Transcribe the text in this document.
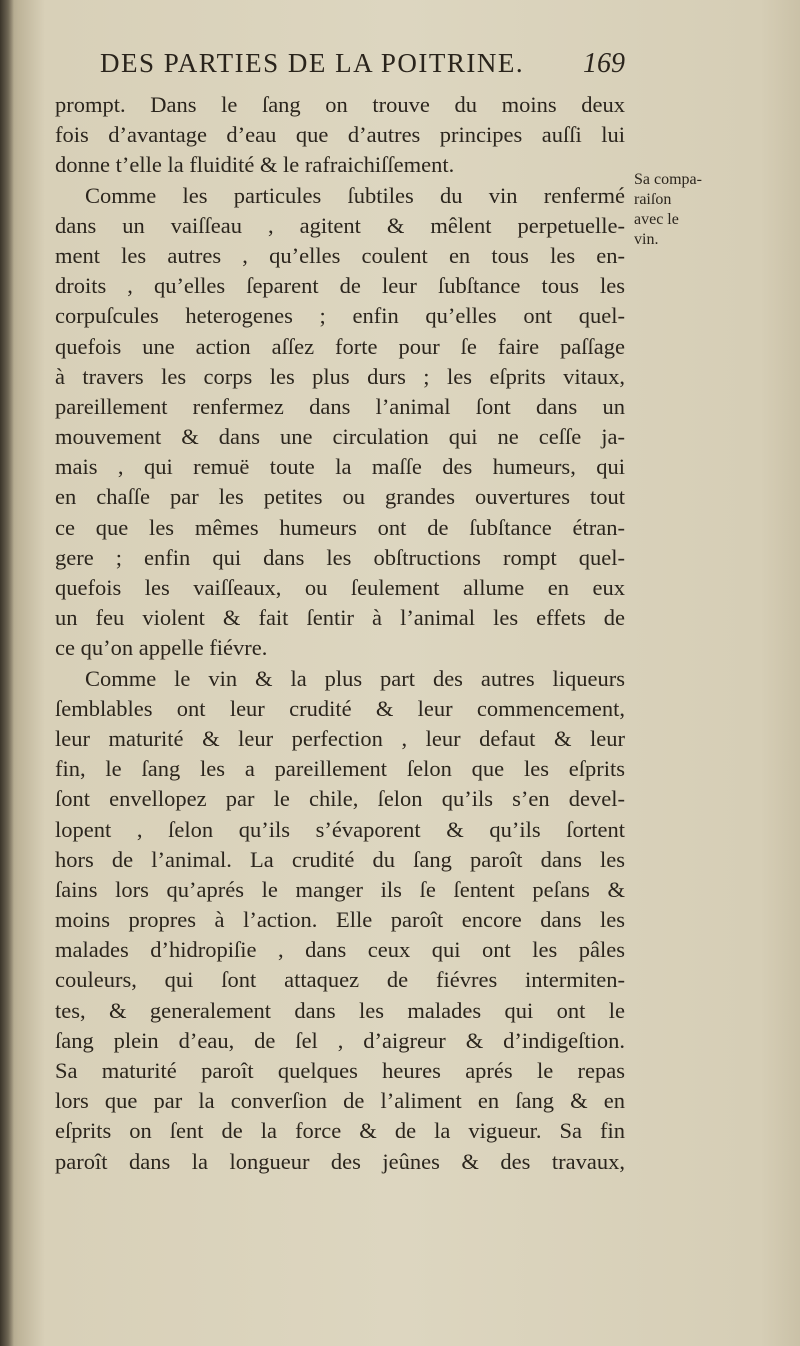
DES PARTIES DE LA POITRINE. 169
Sa compa-
raiſon
avec le
vin.
prompt. Dans le ſang on trouve du moins deux
fois d’avantage d’eau que d’autres principes auſſi lui
donne t’elle la fluidité & le rafraichiſſement.
Comme les particules ſubtiles du vin renfermé
dans un vaiſſeau , agitent & mêlent perpetuelle-
ment les autres , qu’elles coulent en tous les en-
droits , qu’elles ſeparent de leur ſubſtance tous les
corpuſcules heterogenes ; enfin qu’elles ont quel-
quefois une action aſſez forte pour ſe faire paſſage
à travers les corps les plus durs ; les eſprits vitaux,
pareillement renfermez dans l’animal ſont dans un
mouvement & dans une circulation qui ne ceſſe ja-
mais , qui remuë toute la maſſe des humeurs, qui
en chaſſe par les petites ou grandes ouvertures tout
ce que les mêmes humeurs ont de ſubſtance étran-
gere ; enfin qui dans les obſtructions rompt quel-
quefois les vaiſſeaux, ou ſeulement allume en eux
un feu violent & fait ſentir à l’animal les effets de
ce qu’on appelle fiévre.
Comme le vin & la plus part des autres liqueurs
ſemblables ont leur crudité & leur commencement,
leur maturité & leur perfection , leur defaut & leur
fin, le ſang les a pareillement ſelon que les eſprits
ſont envellopez par le chile, ſelon qu’ils s’en devel-
lopent , ſelon qu’ils s’évaporent & qu’ils ſortent
hors de l’animal. La crudité du ſang paroît dans les
ſains lors qu’aprés le manger ils ſe ſentent peſans &
moins propres à l’action. Elle paroît encore dans les
malades d’hidropiſie , dans ceux qui ont les pâles
couleurs, qui ſont attaquez de fiévres intermiten-
tes, & generalement dans les malades qui ont le
ſang plein d’eau, de ſel , d’aigreur & d’indigeſtion.
Sa maturité paroît quelques heures aprés le repas
lors que par la converſion de l’aliment en ſang & en
eſprits on ſent de la force & de la vigueur. Sa fin
paroît dans la longueur des jeûnes & des travaux,
